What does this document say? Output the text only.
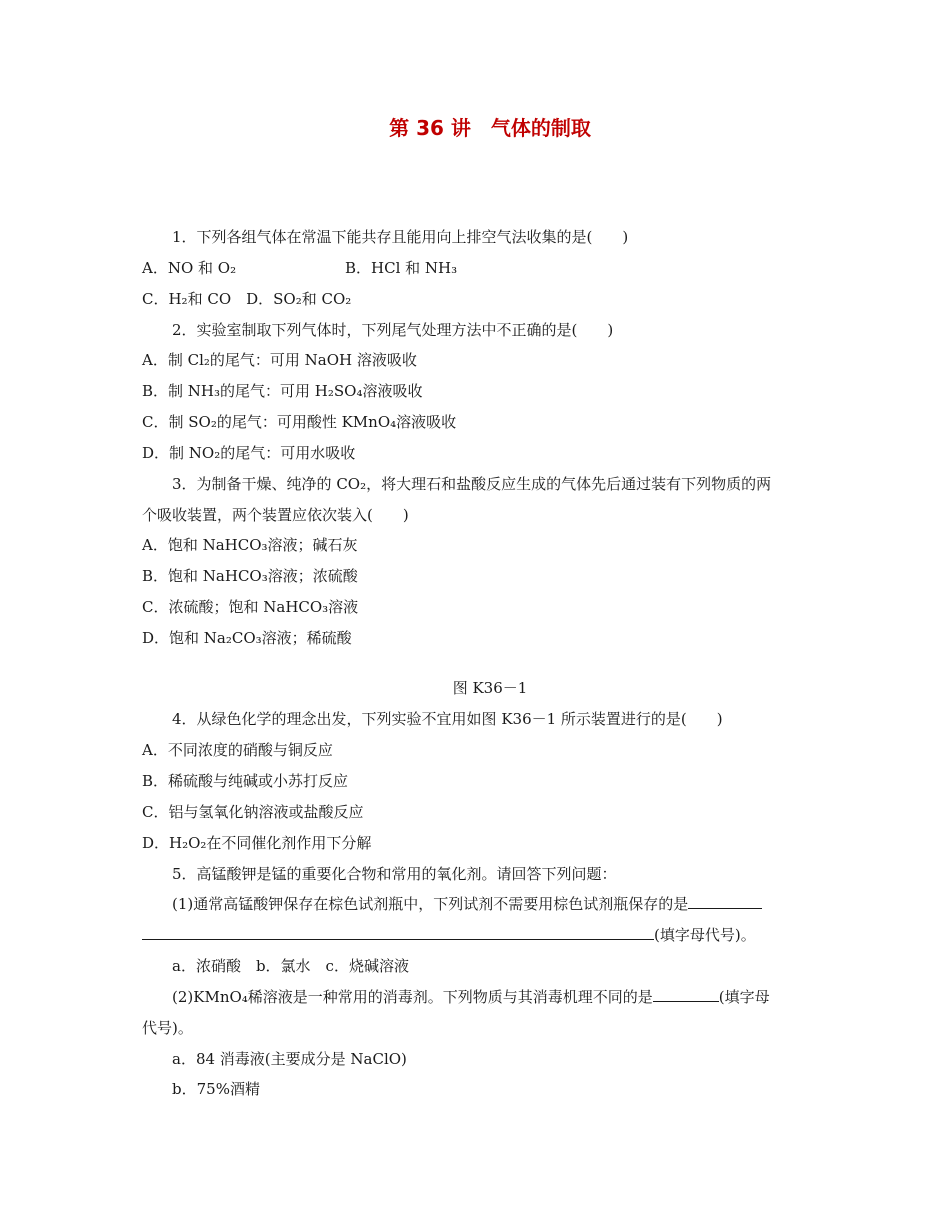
第 36 讲　气体的制取
1．下列各组气体在常温下能共存且能用向上排空气法收集的是(　　)
A．NO 和 O₂	B．HCl 和 NH₃
C．H₂和 CO　D．SO₂和 CO₂
2．实验室制取下列气体时，下列尾气处理方法中不正确的是(　　)
A．制 Cl₂的尾气：可用 NaOH 溶液吸收
B．制 NH₃的尾气：可用 H₂SO₄溶液吸收
C．制 SO₂的尾气：可用酸性 KMnO₄溶液吸收
D．制 NO₂的尾气：可用水吸收
3．为制备干燥、纯净的 CO₂，将大理石和盐酸反应生成的气体先后通过装有下列物质的两
个吸收装置，两个装置应依次装入(　　)
A．饱和 NaHCO₃溶液；碱石灰
B．饱和 NaHCO₃溶液；浓硫酸
C．浓硫酸；饱和 NaHCO₃溶液
D．饱和 Na₂CO₃溶液；稀硫酸
图 K36－1
4．从绿色化学的理念出发，下列实验不宜用如图 K36－1 所示装置进行的是(　　)
A．不同浓度的硝酸与铜反应
B．稀硫酸与纯碱或小苏打反应
C．铝与氢氧化钠溶液或盐酸反应
D．H₂O₂在不同催化剂作用下分解
5．高锰酸钾是锰的重要化合物和常用的氧化剂。请回答下列问题：
(1)通常高锰酸钾保存在棕色试剂瓶中，下列试剂不需要用棕色试剂瓶保存的是
(填字母代号)。
a．浓硝酸　b．氯水　c．烧碱溶液
(2)KMnO₄稀溶液是一种常用的消毒剂。下列物质与其消毒机理不同的是	(填字母
代号)。
a．84 消毒液(主要成分是 NaClO)
b．75%酒精
